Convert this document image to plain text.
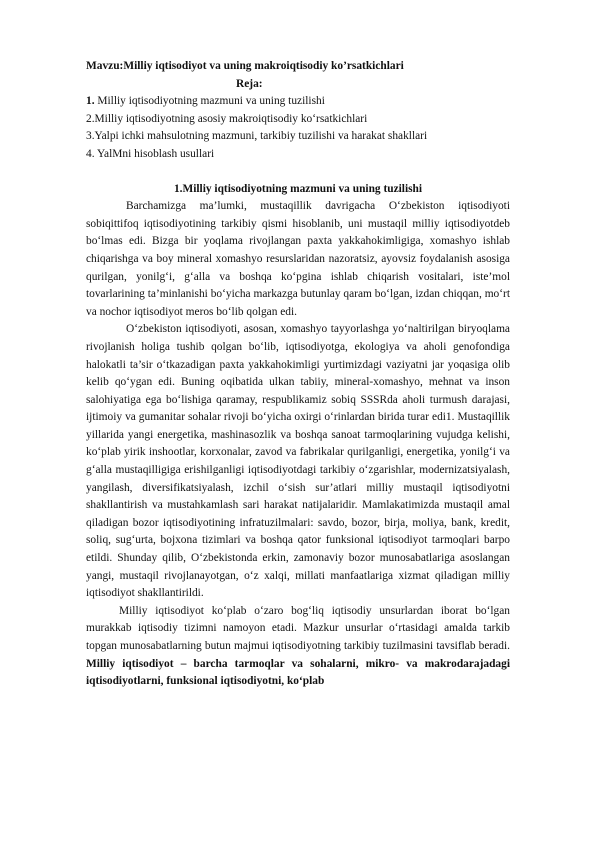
Mavzu:Milliy iqtisodiyot va uning makroiqtisodiy ko’rsatkichlari

Reja:

1. Milliy iqtisodiyotning mazmuni va uning tuzilishi

2.Milliy iqtisodiyotning asosiy makroiqtisodiy ko‘rsatkichlari

3.Yalpi ichki mahsulotning mazmuni, tarkibiy tuzilishi va harakat shakllari

4. YalMni hisoblash usullari

1.Milliy iqtisodiyotning mazmuni va uning tuzilishi

Barchamizga ma’lumki, mustaqillik davrigacha O‘zbekiston iqtisodiyoti sobiqittifoq iqtisodiyotining tarkibiy qismi hisoblanib, uni mustaqil milliy iqtisodiyotdeb bo‘lmas edi. Bizga bir yoqlama rivojlangan paxta yakkahokimligiga, xomashyo ishlab chiqarishga va boy mineral xomashyo resurslaridan nazoratsiz, ayovsiz foydalanish asosiga qurilgan, yonilg‘i, g‘alla va boshqa ko‘pgina ishlab chiqarish vositalari, iste’mol tovarlarining ta’minlanishi bo‘yicha markazga butunlay qaram bo‘lgan, izdan chiqqan, mo‘rt va nochor iqtisodiyot meros bo‘lib qolgan edi.

O‘zbekiston iqtisodiyoti, asosan, xomashyo tayyorlashga yo‘naltirilgan biryoqlama rivojlanish holiga tushib qolgan bo‘lib, iqtisodiyotga, ekologiya va aholi genofondiga halokatli ta’sir o‘tkazadigan paxta yakkahokimligi yurtimizdagi vaziyatni jar yoqasiga olib kelib qo‘ygan edi. Buning oqibatida ulkan tabiiy, mineral-xomashyo, mehnat va inson salohiyatiga ega bo‘lishiga qaramay, respublikamiz sobiq SSSRda aholi turmush darajasi, ijtimoiy va gumanitar sohalar rivoji bo‘yicha oxirgi o‘rinlardan birida turar edi1. Mustaqillik yillarida yangi energetika, mashinasozlik va boshqa sanoat tarmoqlarining vujudga kelishi, ko‘plab yirik inshootlar, korxonalar, zavod va fabrikalar qurilganligi, energetika, yonilg‘i va g‘alla mustaqilligiga erishilganligi iqtisodiyotdagi tarkibiy o‘zgarishlar, modernizatsiyalash, yangilash, diversifikatsiyalash, izchil o‘sish sur’atlari milliy mustaqil iqtisodiyotni shakllantirish va mustahkamlash sari harakat natijalaridir. Mamlakatimizda mustaqil amal qiladigan bozor iqtisodiyotining infratuzilmalari: savdo, bozor, birja, moliya, bank, kredit, soliq, sug‘urta, bojxona tizimlari va boshqa qator funksional iqtisodiyot tarmoqlari barpo etildi. Shunday qilib, O‘zbekistonda erkin, zamonaviy bozor munosabatlariga asoslangan yangi, mustaqil rivojlanayotgan, o‘z xalqi, millati manfaatlariga xizmat qiladigan milliy iqtisodiyot shakllantirildi.

Milliy iqtisodiyot ko‘plab o‘zaro bog‘liq iqtisodiy unsurlardan iborat bo‘lgan murakkab iqtisodiy tizimni namoyon etadi. Mazkur unsurlar o‘rtasidagi amalda tarkib topgan munosabatlarning butun majmui iqtisodiyotning tarkibiy tuzilmasini tavsiflab beradi. Milliy iqtisodiyot – barcha tarmoqlar va sohalarni, mikro- va makrodarajadagi iqtisodiyotlarni, funksional iqtisodiyotni, ko‘plab
